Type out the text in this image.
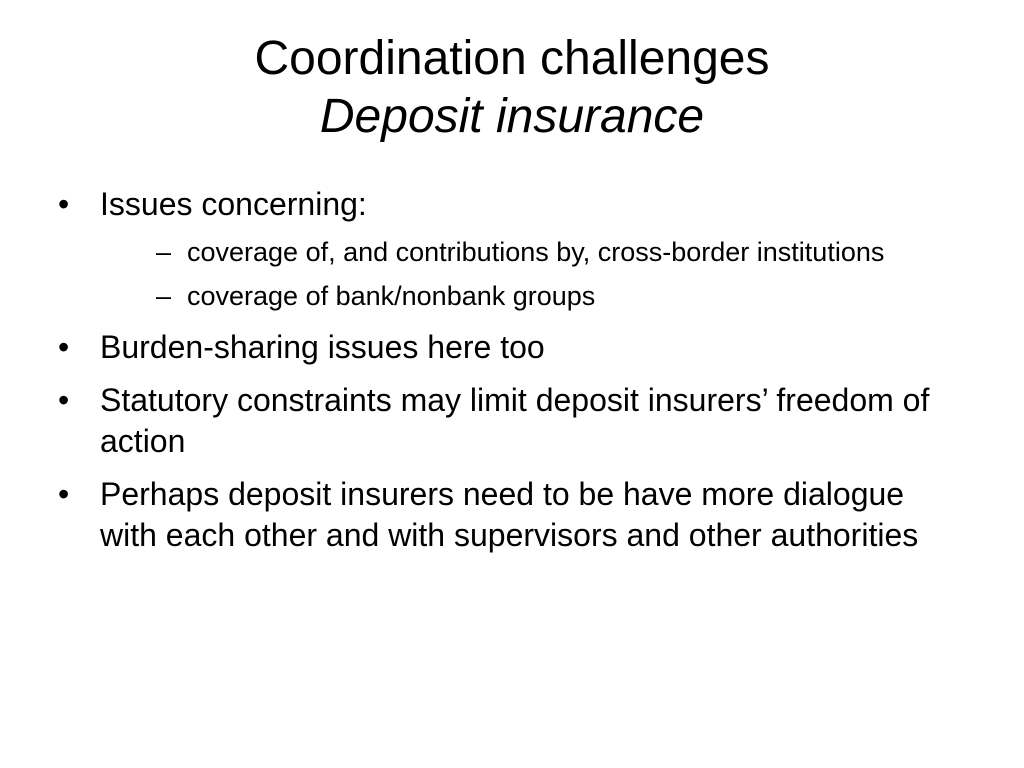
Coordination challenges
Deposit insurance
• Issues concerning:
– coverage of, and contributions by, cross-border institutions
– coverage of bank/nonbank groups
• Burden-sharing issues here too
• Statutory constraints may limit deposit insurers’ freedom of action
• Perhaps deposit insurers need to be have more dialogue with each other and with supervisors and other authorities
